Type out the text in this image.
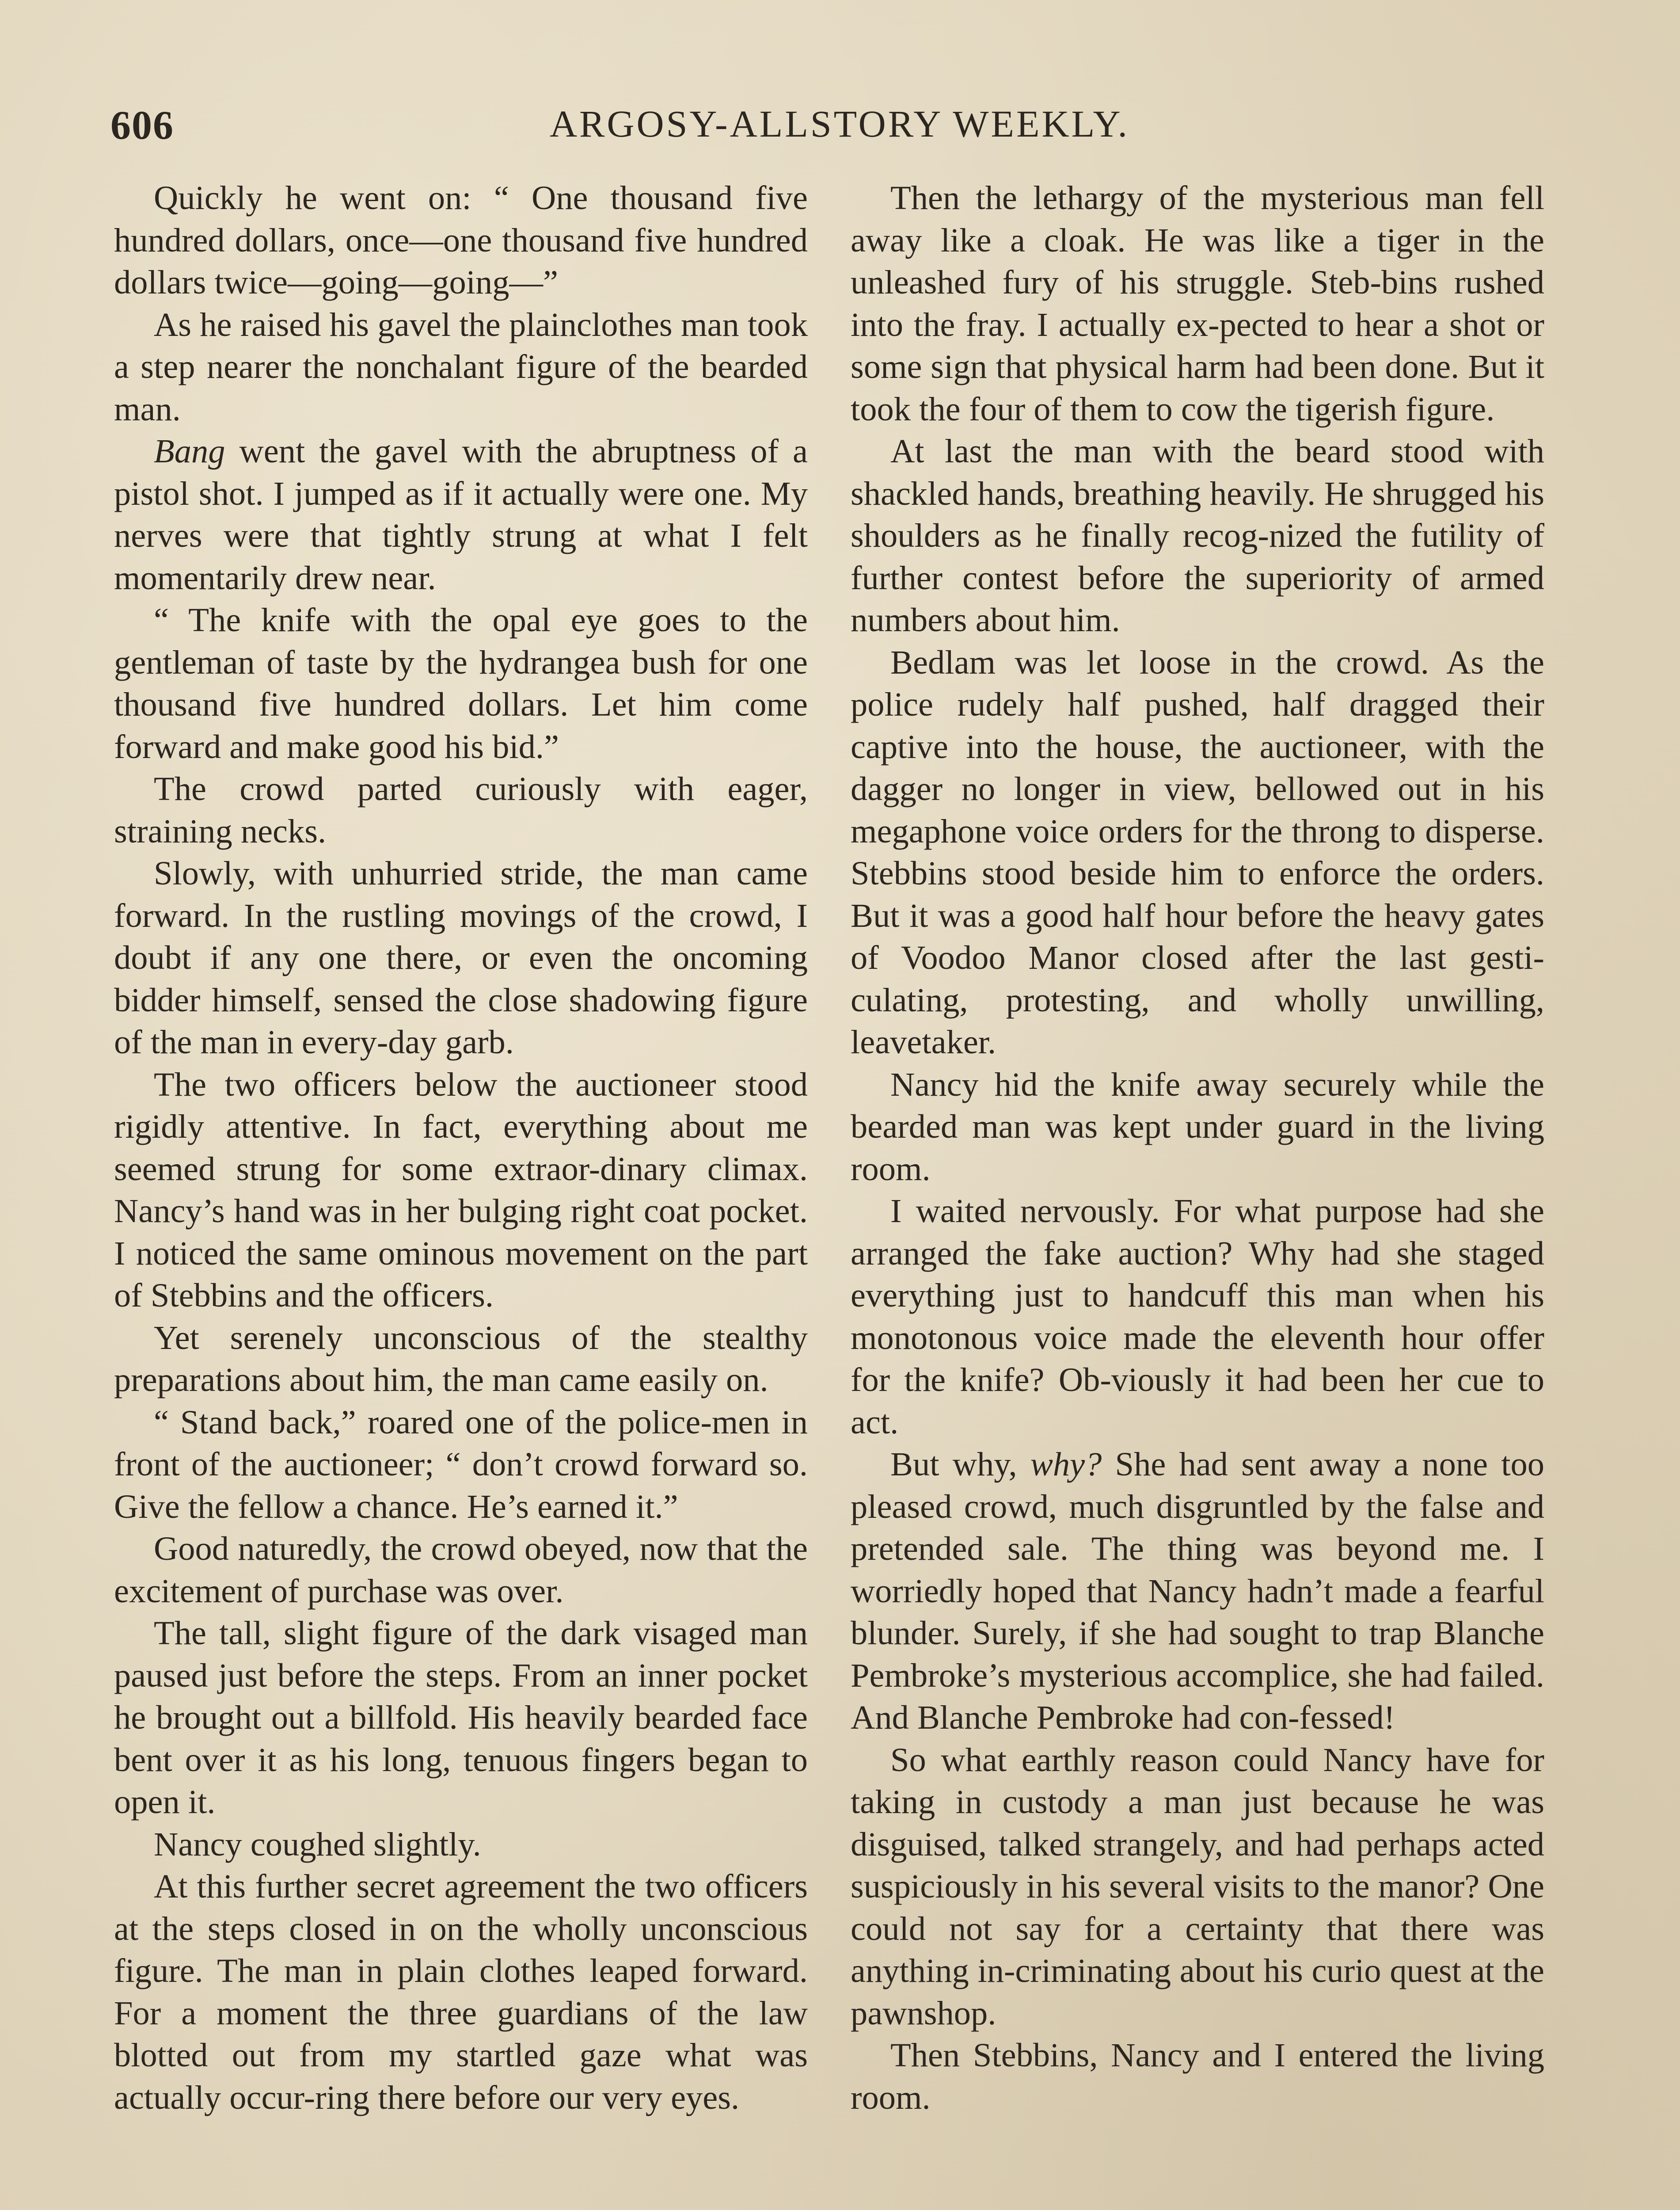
606	ARGOSY-ALLSTORY WEEKLY.

Quickly he went on: “ One thousand five hundred dollars, once—one thousand five hundred dollars twice—going—going—”

As he raised his gavel the plainclothes man took a step nearer the nonchalant figure of the bearded man.

Bang went the gavel with the abruptness of a pistol shot. I jumped as if it actually were one. My nerves were that tightly strung at what I felt momentarily drew near.

“ The knife with the opal eye goes to the gentleman of taste by the hydrangea bush for one thousand five hundred dollars. Let him come forward and make good his bid.”

The crowd parted curiously with eager, straining necks.

Slowly, with unhurried stride, the man came forward. In the rustling movings of the crowd, I doubt if any one there, or even the oncoming bidder himself, sensed the close shadowing figure of the man in every-day garb.

The two officers below the auctioneer stood rigidly attentive. In fact, everything about me seemed strung for some extraor-dinary climax. Nancy’s hand was in her bulging right coat pocket. I noticed the same ominous movement on the part of Stebbins and the officers.

Yet serenely unconscious of the stealthy preparations about him, the man came easily on.

“ Stand back,” roared one of the police-men in front of the auctioneer; “ don’t crowd forward so. Give the fellow a chance. He’s earned it.”

Good naturedly, the crowd obeyed, now that the excitement of purchase was over.

The tall, slight figure of the dark visaged man paused just before the steps. From an inner pocket he brought out a billfold. His heavily bearded face bent over it as his long, tenuous fingers began to open it.

Nancy coughed slightly.

At this further secret agreement the two officers at the steps closed in on the wholly unconscious figure. The man in plain clothes leaped forward. For a moment the three guardians of the law blotted out from my startled gaze what was actually occur-ring there before our very eyes.

Then the lethargy of the mysterious man fell away like a cloak. He was like a tiger in the unleashed fury of his struggle. Steb-bins rushed into the fray. I actually ex-pected to hear a shot or some sign that physical harm had been done. But it took the four of them to cow the tigerish figure.

At last the man with the beard stood with shackled hands, breathing heavily. He shrugged his shoulders as he finally recog-nized the futility of further contest before the superiority of armed numbers about him.

Bedlam was let loose in the crowd. As the police rudely half pushed, half dragged their captive into the house, the auctioneer, with the dagger no longer in view, bellowed out in his megaphone voice orders for the throng to disperse. Stebbins stood beside him to enforce the orders. But it was a good half hour before the heavy gates of Voodoo Manor closed after the last gesti-culating, protesting, and wholly unwilling, leavetaker.

Nancy hid the knife away securely while the bearded man was kept under guard in the living room.

I waited nervously. For what purpose had she arranged the fake auction? Why had she staged everything just to handcuff this man when his monotonous voice made the eleventh hour offer for the knife? Ob-viously it had been her cue to act.

But why, why? She had sent away a none too pleased crowd, much disgruntled by the false and pretended sale. The thing was beyond me. I worriedly hoped that Nancy hadn’t made a fearful blunder. Surely, if she had sought to trap Blanche Pembroke’s mysterious accomplice, she had failed. And Blanche Pembroke had con-fessed!

So what earthly reason could Nancy have for taking in custody a man just because he was disguised, talked strangely, and had perhaps acted suspiciously in his several visits to the manor? One could not say for a certainty that there was anything in-criminating about his curio quest at the pawnshop.

Then Stebbins, Nancy and I entered the living room.
